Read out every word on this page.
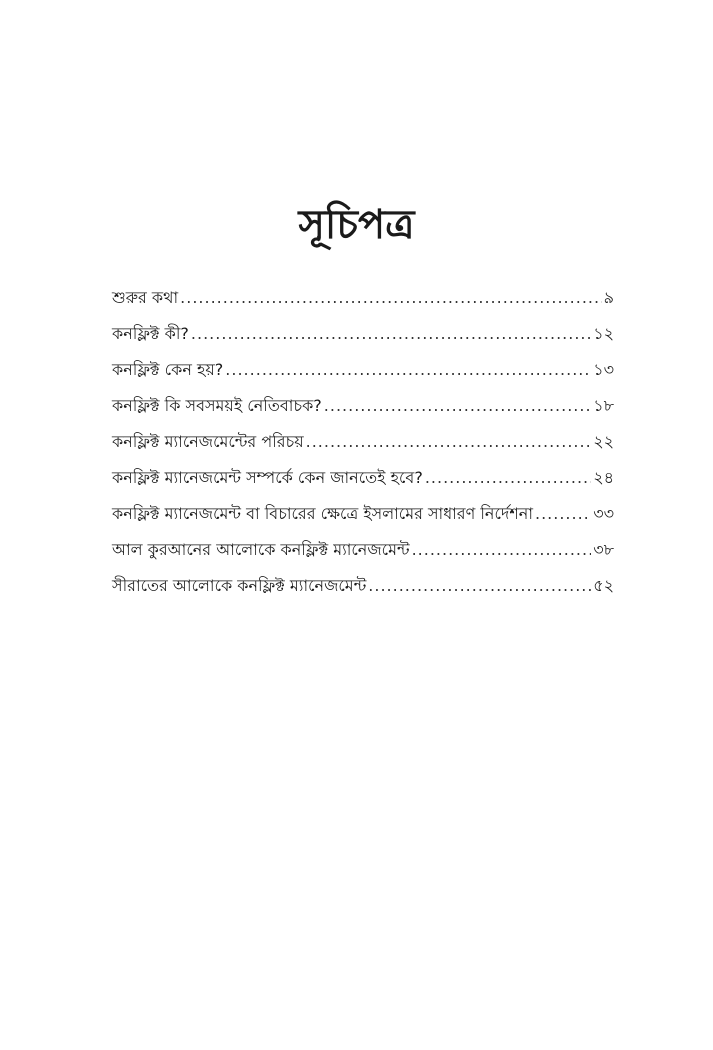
সূচিপত্র
শুরুর কথা .....	৯
কনফ্লিক্ট কী? .....	১২
কনফ্লিক্ট কেন হয়? .....	১৩
কনফ্লিক্ট কি সবসময়ই নেতিবাচক? .....	১৮
কনফ্লিক্ট ম্যানেজমেন্টের পরিচয় .....	২২
কনফ্লিক্ট ম্যানেজমেন্ট সম্পর্কে কেন জানতেই হবে? .....	২৪
কনফ্লিক্ট ম্যানেজমেন্ট বা বিচারের ক্ষেত্রে ইসলামের সাধারণ নির্দেশনা .....	৩৩
আল কুরআনের আলোকে কনফ্লিক্ট ম্যানেজমেন্ট .....	৩৮
সীরাতের আলোকে কনফ্লিক্ট ম্যানেজমেন্ট .....	৫২
